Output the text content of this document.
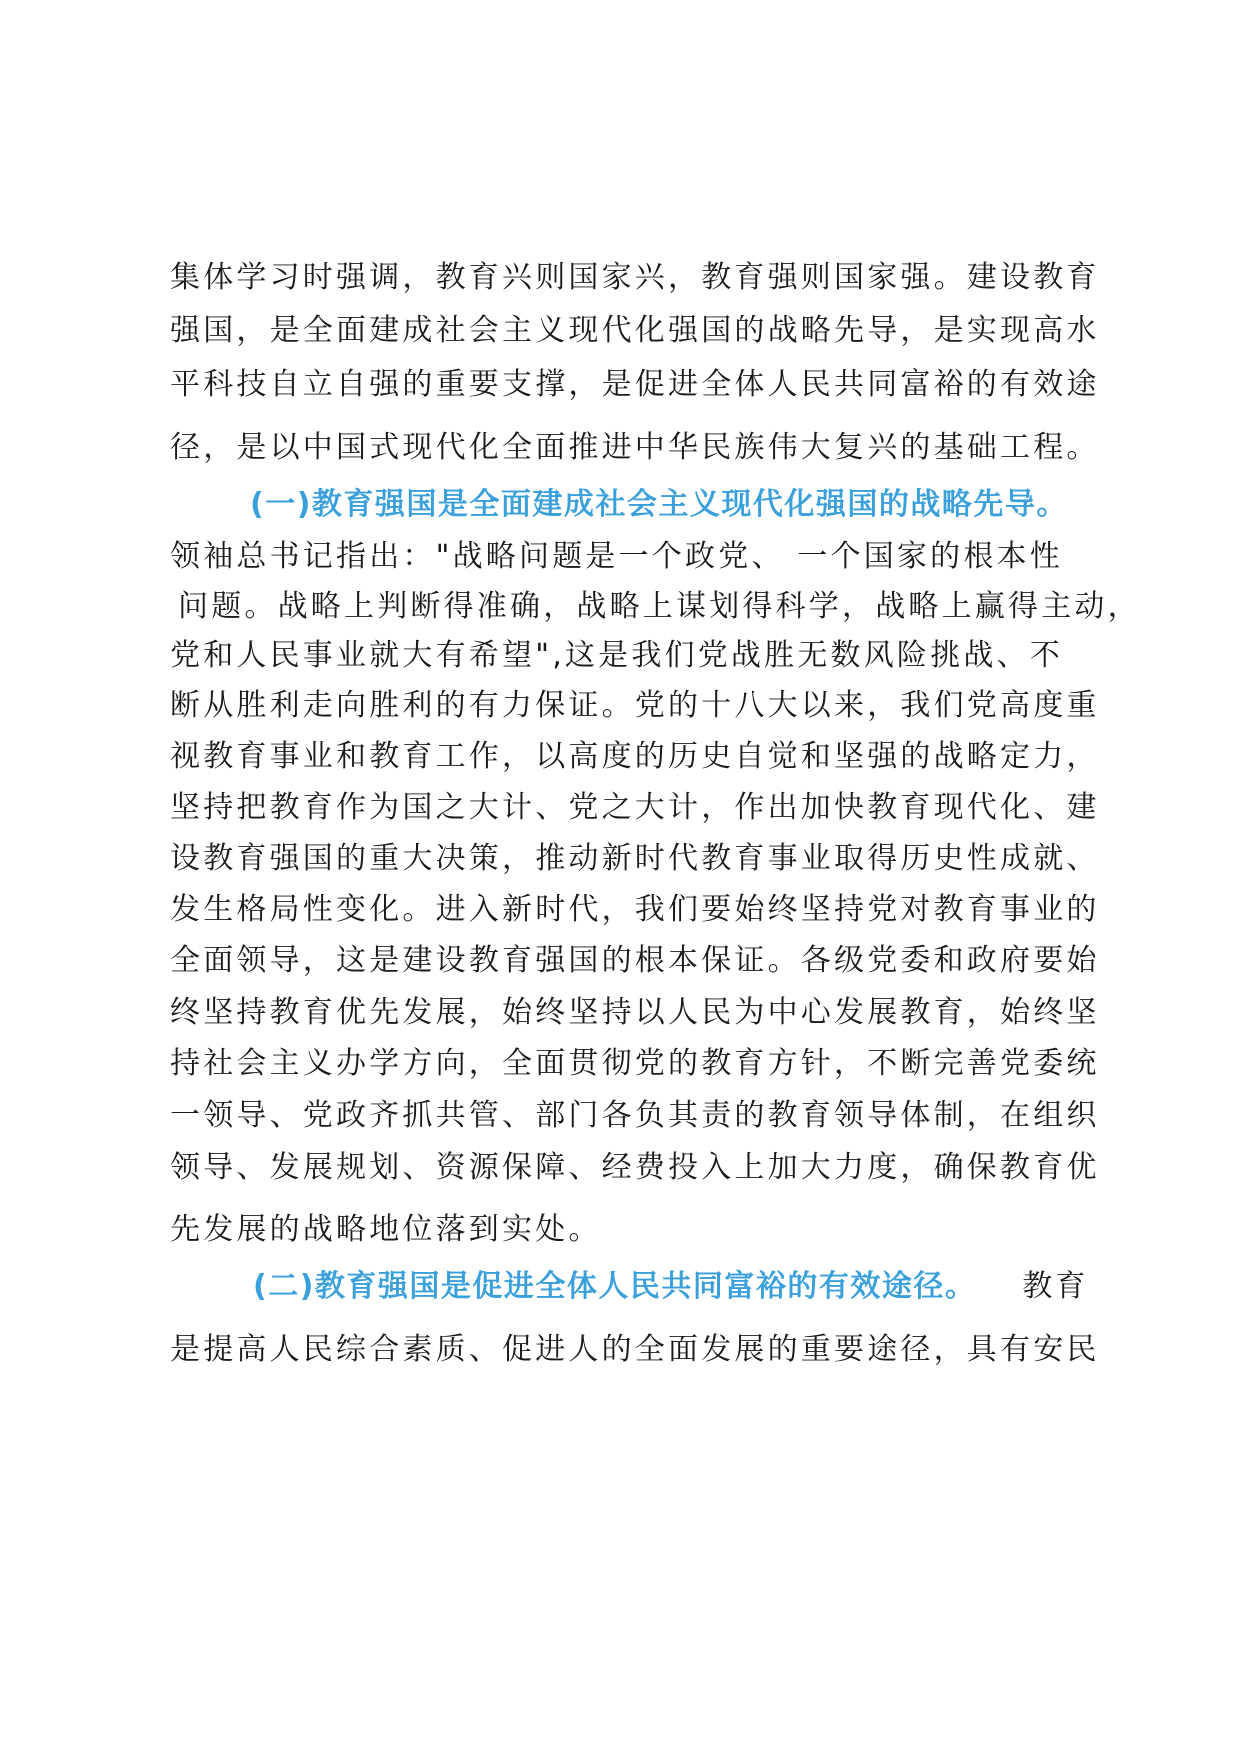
集体学习时强调，教育兴则国家兴，教育强则国家强。建设教育
强国，是全面建成社会主义现代化强国的战略先导，是实现高水
平科技自立自强的重要支撑，是促进全体人民共同富裕的有效途
径，是以中国式现代化全面推进中华民族伟大复兴的基础工程。
(一)教育强国是全面建成社会主义现代化强国的战略先导。
领袖总书记指出："战略问题是一个政党、 一个国家的根本性
问题。战略上判断得准确，战略上谋划得科学，战略上赢得主动，
党和人民事业就大有希望",这是我们党战胜无数风险挑战、不
断从胜利走向胜利的有力保证。党的十八大以来，我们党高度重
视教育事业和教育工作，以高度的历史自觉和坚强的战略定力，
坚持把教育作为国之大计、党之大计，作出加快教育现代化、建
设教育强国的重大决策，推动新时代教育事业取得历史性成就、
发生格局性变化。进入新时代，我们要始终坚持党对教育事业的
全面领导，这是建设教育强国的根本保证。各级党委和政府要始
终坚持教育优先发展，始终坚持以人民为中心发展教育，始终坚
持社会主义办学方向，全面贯彻党的教育方针，不断完善党委统
一领导、党政齐抓共管、部门各负其责的教育领导体制，在组织
领导、发展规划、资源保障、经费投入上加大力度，确保教育优
先发展的战略地位落到实处。
(二)教育强国是促进全体人民共同富裕的有效途径。 教育
是提高人民综合素质、促进人的全面发展的重要途径，具有安民
